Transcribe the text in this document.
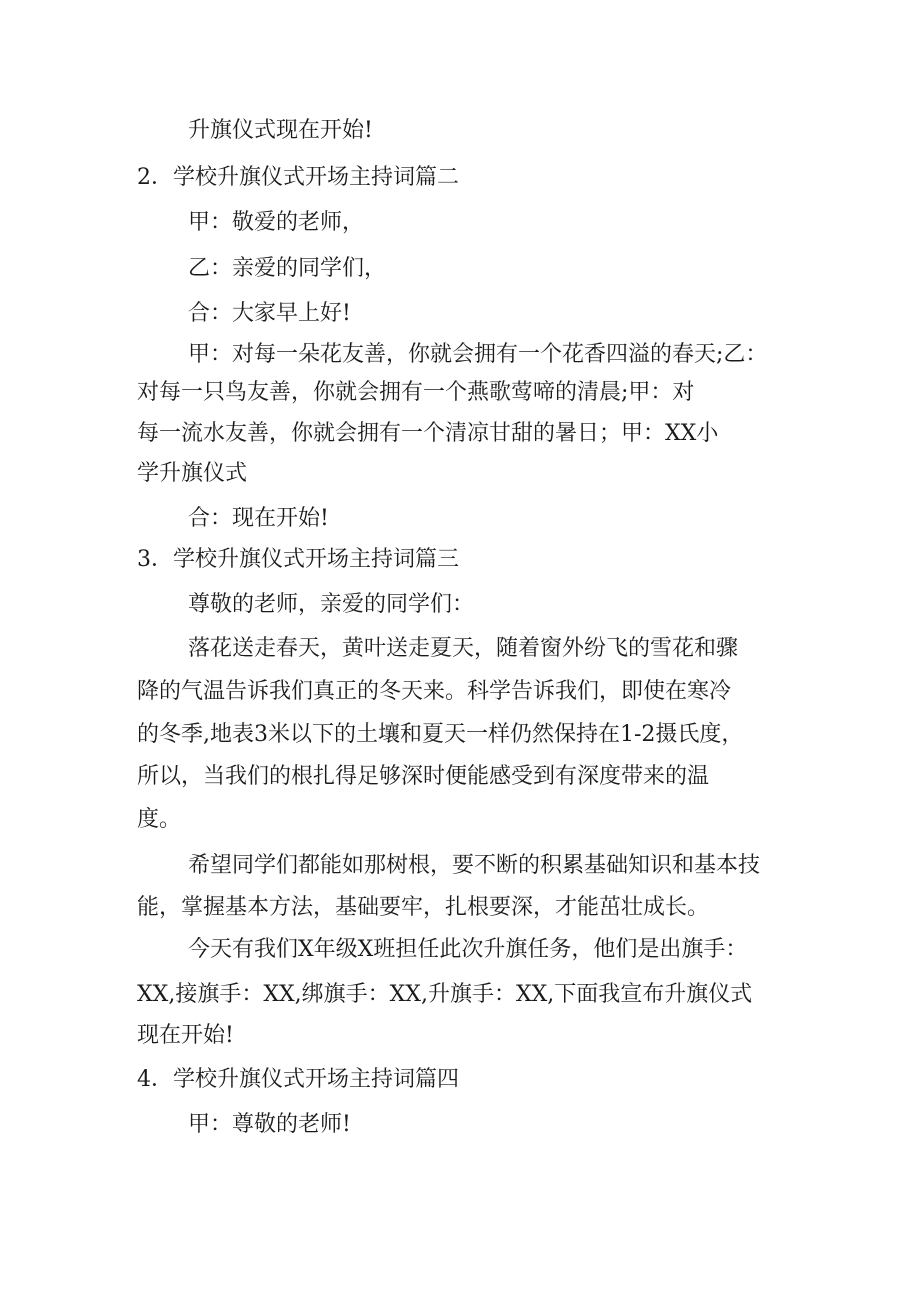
升旗仪式现在开始!
2．学校升旗仪式开场主持词篇二
甲：敬爱的老师，
乙：亲爱的同学们，
合：大家早上好!
甲：对每一朵花友善，你就会拥有一个花香四溢的春天;乙：
对每一只鸟友善，你就会拥有一个燕歌莺啼的清晨;甲：对
每一流水友善，你就会拥有一个清凉甘甜的暑日；甲：XX小
学升旗仪式
合：现在开始!
3．学校升旗仪式开场主持词篇三
尊敬的老师，亲爱的同学们：
落花送走春天，黄叶送走夏天，随着窗外纷飞的雪花和骤
降的气温告诉我们真正的冬天来。科学告诉我们，即使在寒冷
的冬季,地表3米以下的土壤和夏天一样仍然保持在1-2摄氏度，
所以，当我们的根扎得足够深时便能感受到有深度带来的温
度。
希望同学们都能如那树根，要不断的积累基础知识和基本技
能，掌握基本方法，基础要牢，扎根要深，才能茁壮成长。
今天有我们X年级X班担任此次升旗任务，他们是出旗手：
XX,接旗手：XX,绑旗手：XX,升旗手：XX,下面我宣布升旗仪式
现在开始!
4．学校升旗仪式开场主持词篇四
甲：尊敬的老师!
